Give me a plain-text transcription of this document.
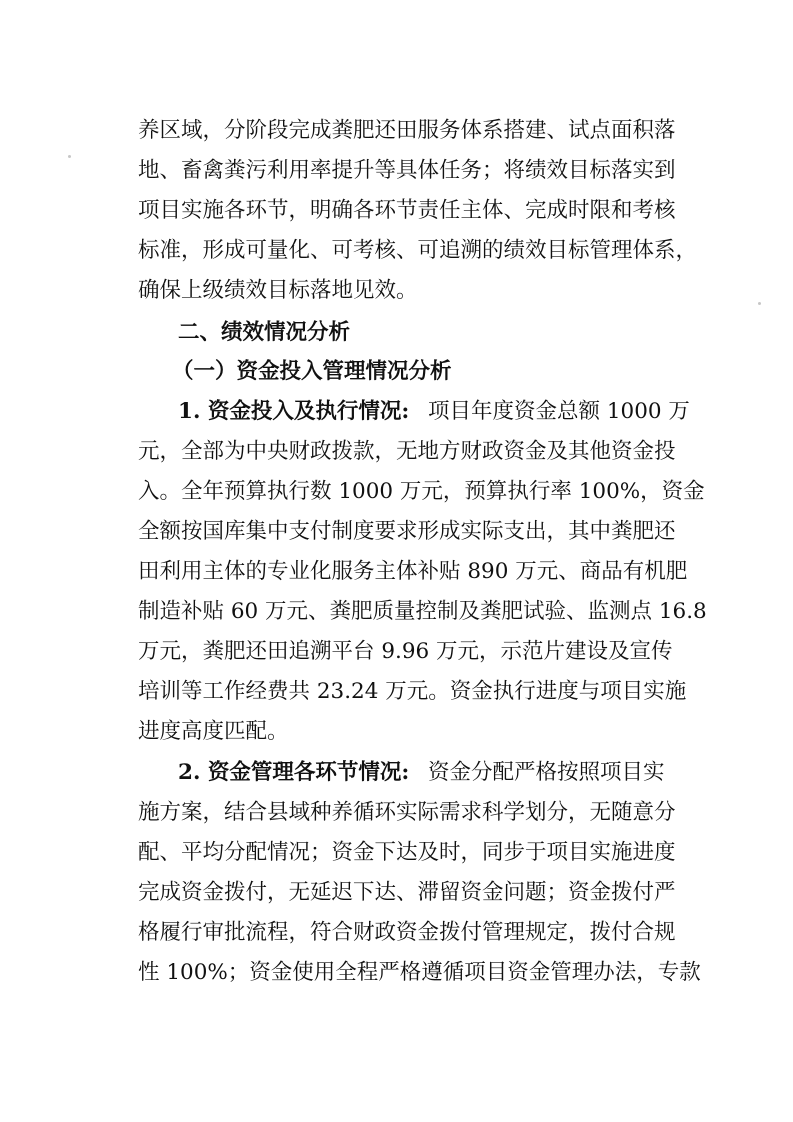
养区域，分阶段完成粪肥还田服务体系搭建、试点面积落
地、畜禽粪污利用率提升等具体任务；将绩效目标落实到
项目实施各环节，明确各环节责任主体、完成时限和考核
标准，形成可量化、可考核、可追溯的绩效目标管理体系，
确保上级绩效目标落地见效。
二、绩效情况分析
（一）资金投入管理情况分析
1. 资金投入及执行情况: 项目年度资金总额 1000 万
元，全部为中央财政拨款，无地方财政资金及其他资金投
入。全年预算执行数 1000 万元，预算执行率 100%，资金
全额按国库集中支付制度要求形成实际支出，其中粪肥还
田利用主体的专业化服务主体补贴 890 万元、商品有机肥
制造补贴 60 万元、粪肥质量控制及粪肥试验、监测点 16.8
万元，粪肥还田追溯平台 9.96 万元，示范片建设及宣传
培训等工作经费共 23.24 万元。资金执行进度与项目实施
进度高度匹配。
2. 资金管理各环节情况: 资金分配严格按照项目实
施方案，结合县域种养循环实际需求科学划分，无随意分
配、平均分配情况；资金下达及时，同步于项目实施进度
完成资金拨付，无延迟下达、滞留资金问题；资金拨付严
格履行审批流程，符合财政资金拨付管理规定，拨付合规
性 100%；资金使用全程严格遵循项目资金管理办法，专款
